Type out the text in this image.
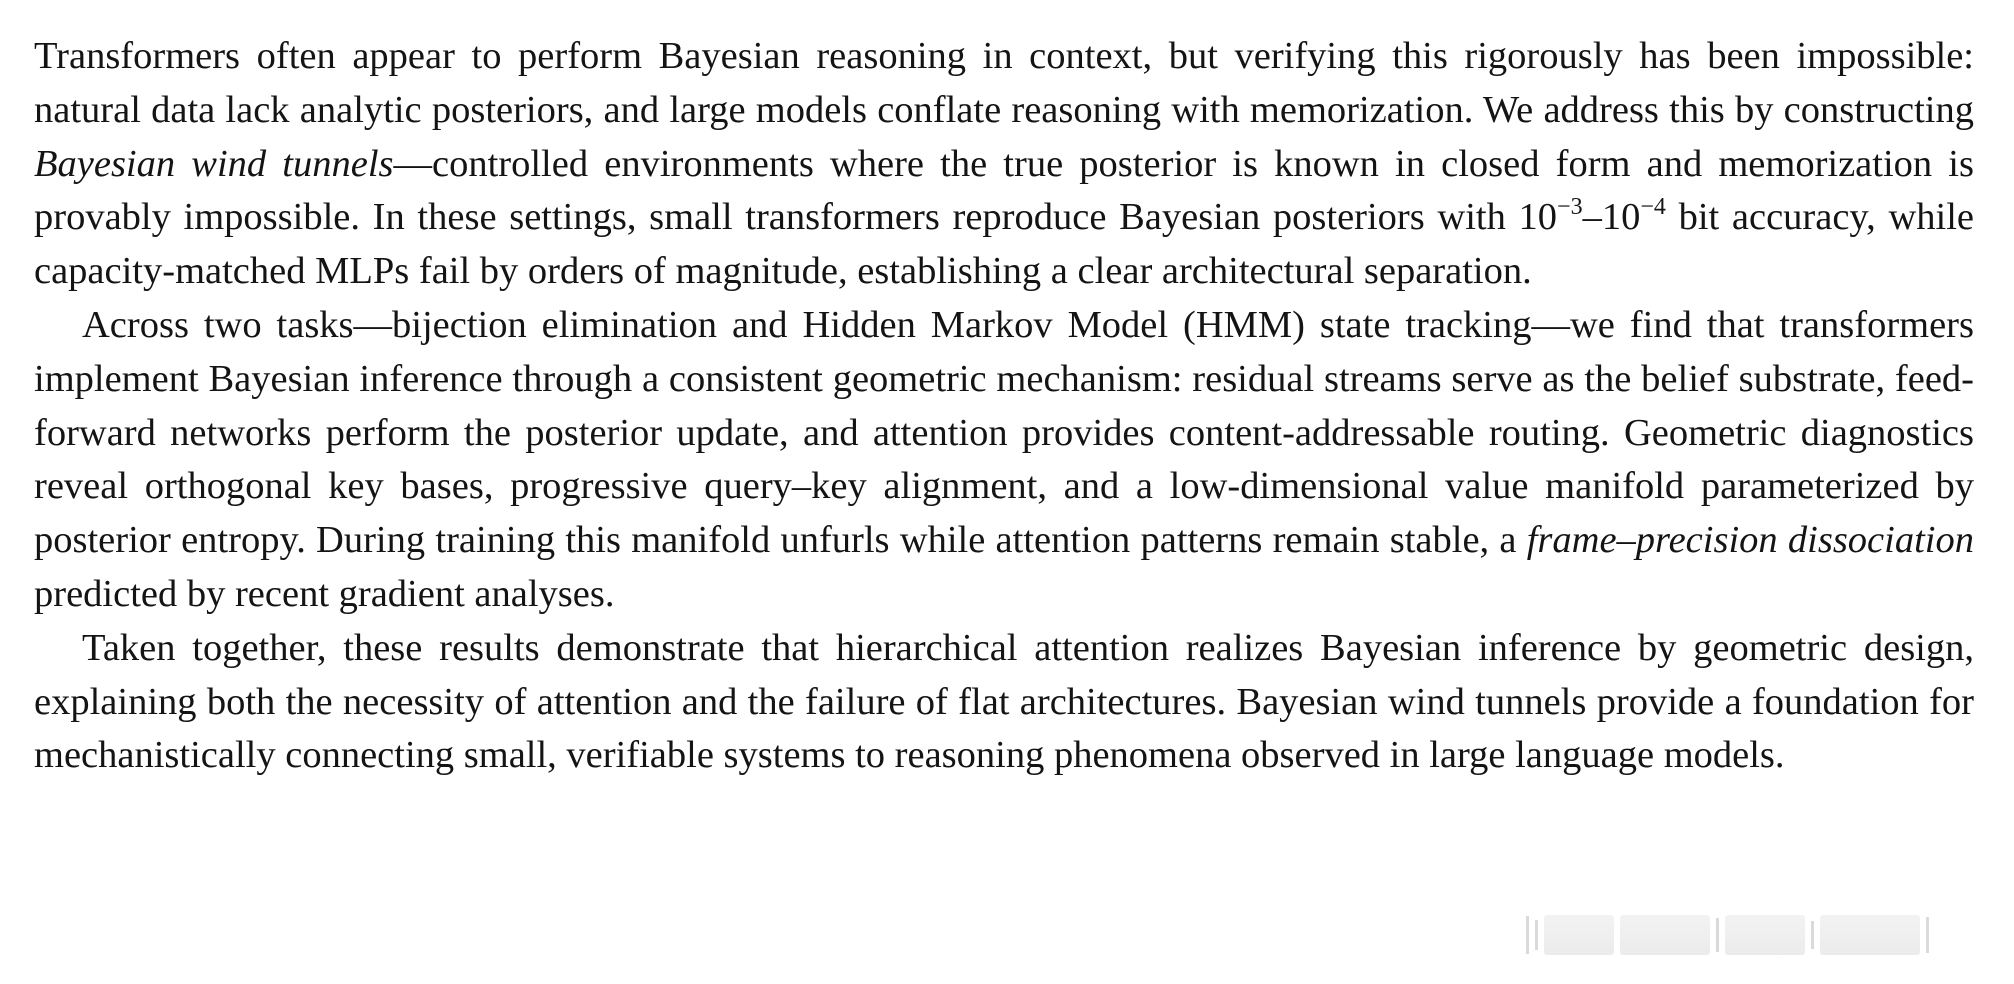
Transformers often appear to perform Bayesian reasoning in context, but verifying this rigorously has been impossible: natural data lack analytic posteriors, and large models conflate reasoning with memorization. We address this by constructing Bayesian wind tunnels—controlled environments where the true posterior is known in closed form and memorization is provably impossible. In these settings, small transformers reproduce Bayesian posteriors with $10^{-3}-10^{-4}$ bit accuracy, while capacity-matched MLPs fail by orders of magnitude, establishing a clear architectural separation.

Across two tasks—bijection elimination and Hidden Markov Model (HMM) state tracking—we find that transformers implement Bayesian inference through a consistent geometric mechanism: residual streams serve as the belief substrate, feed-forward networks perform the posterior update, and attention provides content-addressable routing. Geometric diagnostics reveal orthogonal key bases, progressive query–key alignment, and a low-dimensional value manifold parameterized by posterior entropy. During training this manifold unfurls while attention patterns remain stable, a frame–precision dissociation predicted by recent gradient analyses.

Taken together, these results demonstrate that hierarchical attention realizes Bayesian inference by geometric design, explaining both the necessity of attention and the failure of flat architectures. Bayesian wind tunnels provide a foundation for mechanistically connecting small, verifiable systems to reasoning phenomena observed in large language models.
